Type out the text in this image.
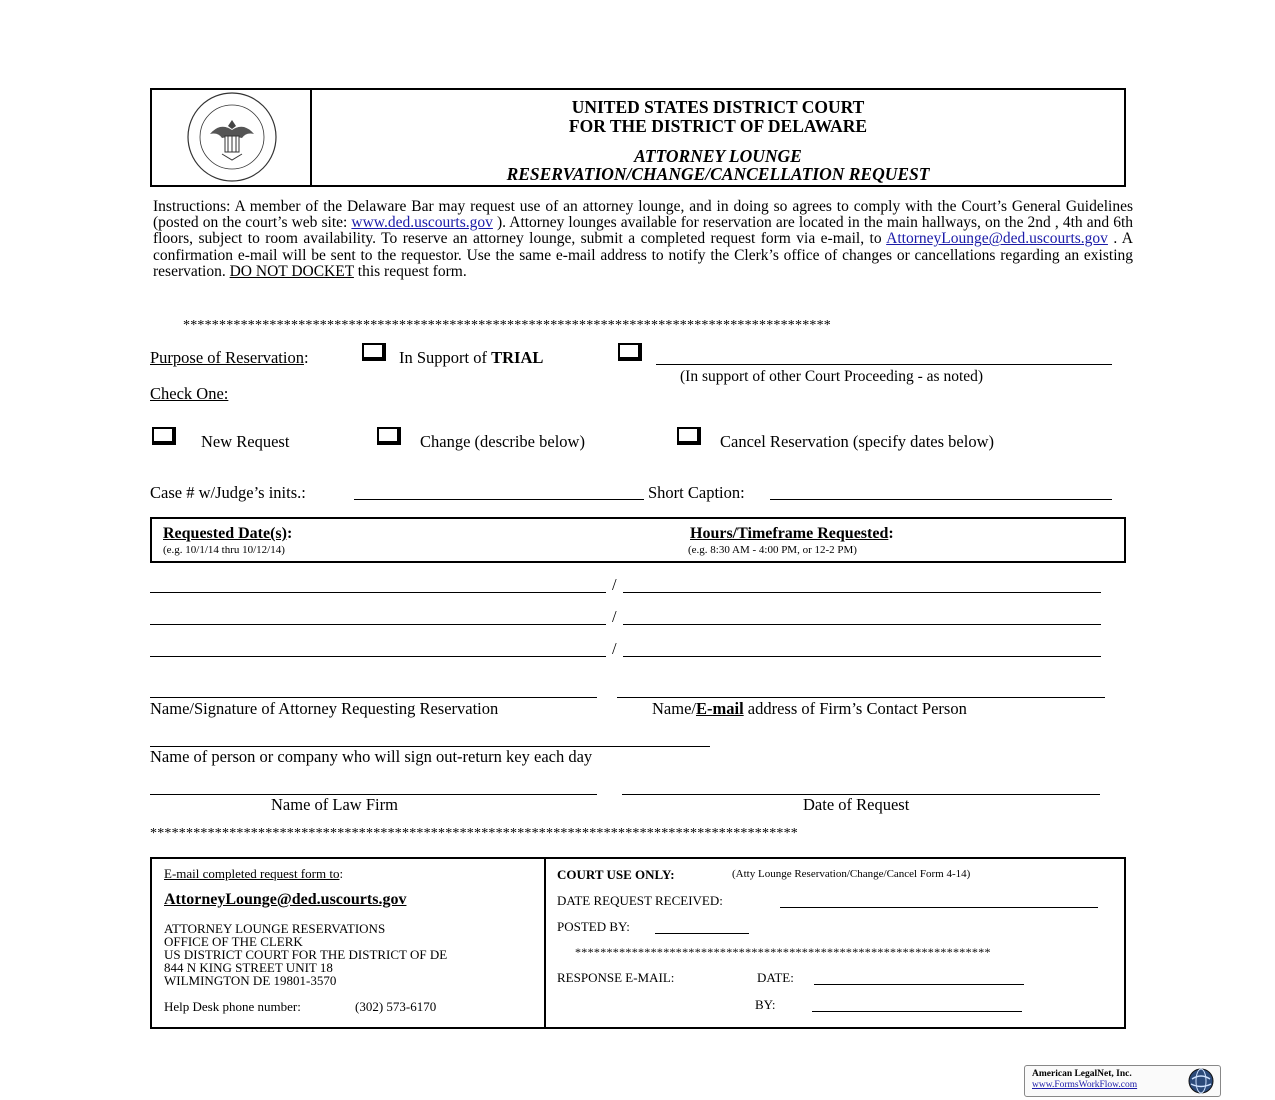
UNITED STATES DISTRICT COURT
FOR THE DISTRICT OF DELAWARE
ATTORNEY LOUNGE
RESERVATION/CHANGE/CANCELLATION REQUEST
Instructions: A member of the Delaware Bar may request use of an attorney lounge, and in doing so agrees to comply with the Court’s General Guidelines (posted on the court’s web site: www.ded.uscourts.gov ). Attorney lounges available for reservation are located in the main hallways, on the 2nd , 4th and 6th floors, subject to room availability. To reserve an attorney lounge, submit a completed request form via e-mail, to AttorneyLounge@ded.uscourts.gov . A confirmation e-mail will be sent to the requestor. Use the same e-mail address to notify the Clerk’s office of changes or cancellations regarding an existing reservation. DO NOT DOCKET this request form.
******************************************************************************************
Purpose of Reservation:	In Support of TRIAL
(In support of other Court Proceeding - as noted)
Check One:
New Request	Change (describe below)	Cancel Reservation (specify dates below)
Case # w/Judge’s inits.:	Short Caption:
Requested Date(s):
(e.g. 10/1/14 thru 10/12/14)
Hours/Timeframe Requested:
(e.g. 8:30 AM - 4:00 PM, or 12-2 PM)
/
/
/
Name/Signature of Attorney Requesting Reservation	Name/E-mail address of Firm’s Contact Person
Name of person or company who will sign out-return key each day
Name of Law Firm	Date of Request
******************************************************************************************
E-mail completed request form to:
AttorneyLounge@ded.uscourts.gov
ATTORNEY LOUNGE RESERVATIONS
OFFICE OF THE CLERK
US DISTRICT COURT FOR THE DISTRICT OF DE
844 N KING STREET UNIT 18
WILMINGTON DE 19801-3570
Help Desk phone number:	(302) 573-6170
COURT USE ONLY:	(Atty Lounge Reservation/Change/Cancel Form 4-14)
DATE REQUEST RECEIVED:
POSTED BY:
******************************************************************
RESPONSE E-MAIL:	DATE:
BY:
American LegalNet, Inc.
www.FormsWorkFlow.com
